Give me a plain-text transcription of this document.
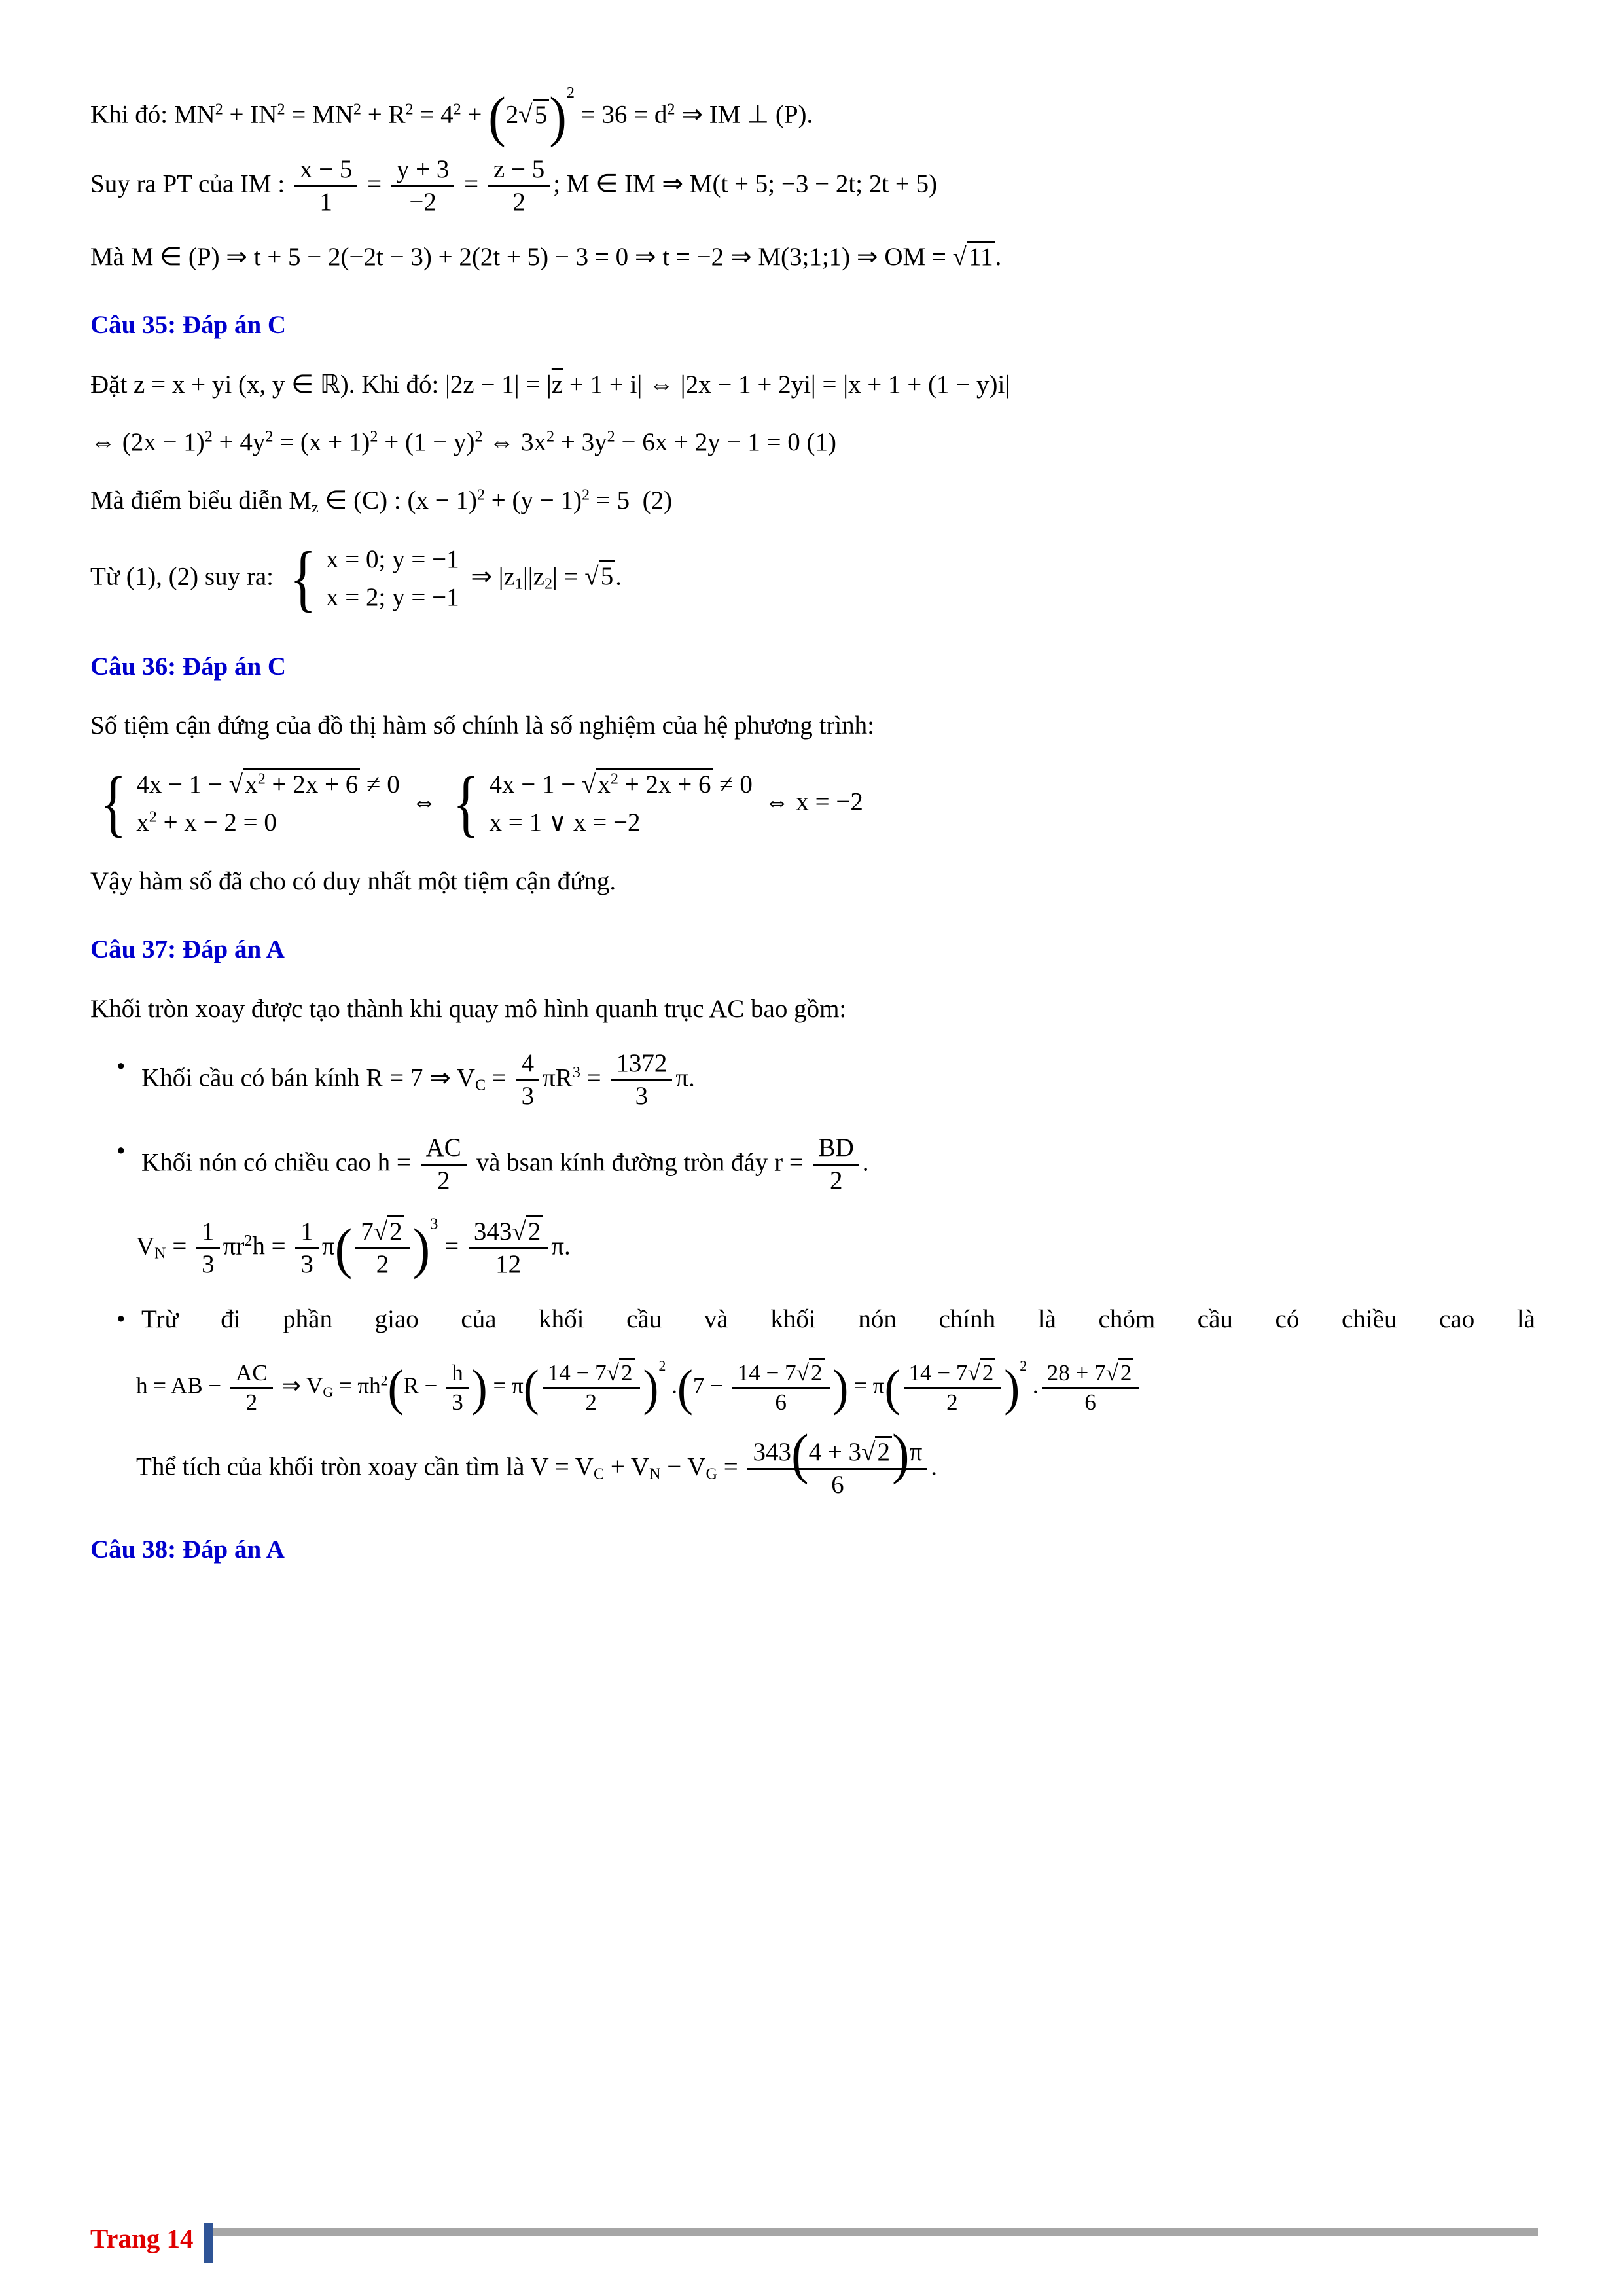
Khi đó: $MN^2 + IN^2 = MN^2 + R^2 = 4^2 + (2√5)^2 = 36 = d^2$ ⇒ IM ⊥ (P).
Suy ra PT của IM : $\frac{x - 5}{1} = \frac{y + 3}{-2} = \frac{z - 5}{2}$ ; M ∈ IM ⇒ M(t + 5; −3 − 2t; 2t + 5)
Mà M ∈ (P) ⇒ t + 5 − 2(−2t − 3) + 2(2t + 5) − 3 = 0 ⇒ t = −2 ⇒ M(3;1;1) ⇒ OM = √11.
Câu 35: Đáp án C
Đặt z = x + yi (x, y ∈ ℝ). Khi đó: $|2z - 1| = |\overline{z} + 1 + i|$ ⇔ |2x − 1 + 2yi| = |x + 1 + (1 − y)i|
⇔ $(2x - 1)^2 + 4y^2 = (x + 1)^2 + (1 - y)^2$ ⇔ $3x^2 + 3y^2 - 6x + 2y - 1 = 0$ (1)
Mà điểm biểu diễn $M_z$ ∈ (C) : $(x - 1)^2 + (y - 1)^2 = 5$  (2)
Từ (1), (2) suy ra: { x = 0; y = −1
x = 2; y = −1
⇒ $|z_1||z_2| = √5$.
Câu 36: Đáp án C
Số tiệm cận đứng của đồ thị hàm số chính là số nghiệm của hệ phương trình:
{ $4x - 1 - √x^2 + 2x + 6 \ne 0$
$x^2 + x - 2 = 0$
⇔ { $4x - 1 - √x^2 + 2x + 6 \ne 0$
x = 1 ∨ x = −2
⇔ x = −2
Vậy hàm số đã cho có duy nhất một tiệm cận đứng.
Câu 37: Đáp án A
Khối tròn xoay được tạo thành khi quay mô hình quanh trục AC bao gồm:
• Khối cầu có bán kính R = 7 ⇒ $V_C = \frac{4}{3} \pi R^3 = \frac{1372}{3} \pi$.
• Khối nón có chiều cao $h = \frac{AC}{2}$ và bsan kính đường tròn đáy $r = \frac{BD}{2}$ .
$V_N = \frac{1}{3} \pi r^2h = \frac{1}{3} \pi( \frac{7√2}{2} )^3 = \frac{343√2}{12} \pi$.
• Trừ đi phần giao của khối cầu và khối nón chính là chỏm cầu có chiều cao là
h = AB − $\frac{AC}{2}$ ⇒ $V_G = \pi h^2(R - \frac{h}{3}$ ) = $\pi( \frac{14 - 7√2}{2} )^2$ $.(7 - \frac{14 - 7√2}{6}$ ) = $\pi( \frac{14 - 7√2}{2} )^2$ . $\frac{28 + 7√2}{6}$
Thể tích của khối tròn xoay cần tìm là $V = V_C + V_N - V_G = \frac{343(4 + 3√2)\pi}{6}$ .
Câu 38: Đáp án A
Trang 14
